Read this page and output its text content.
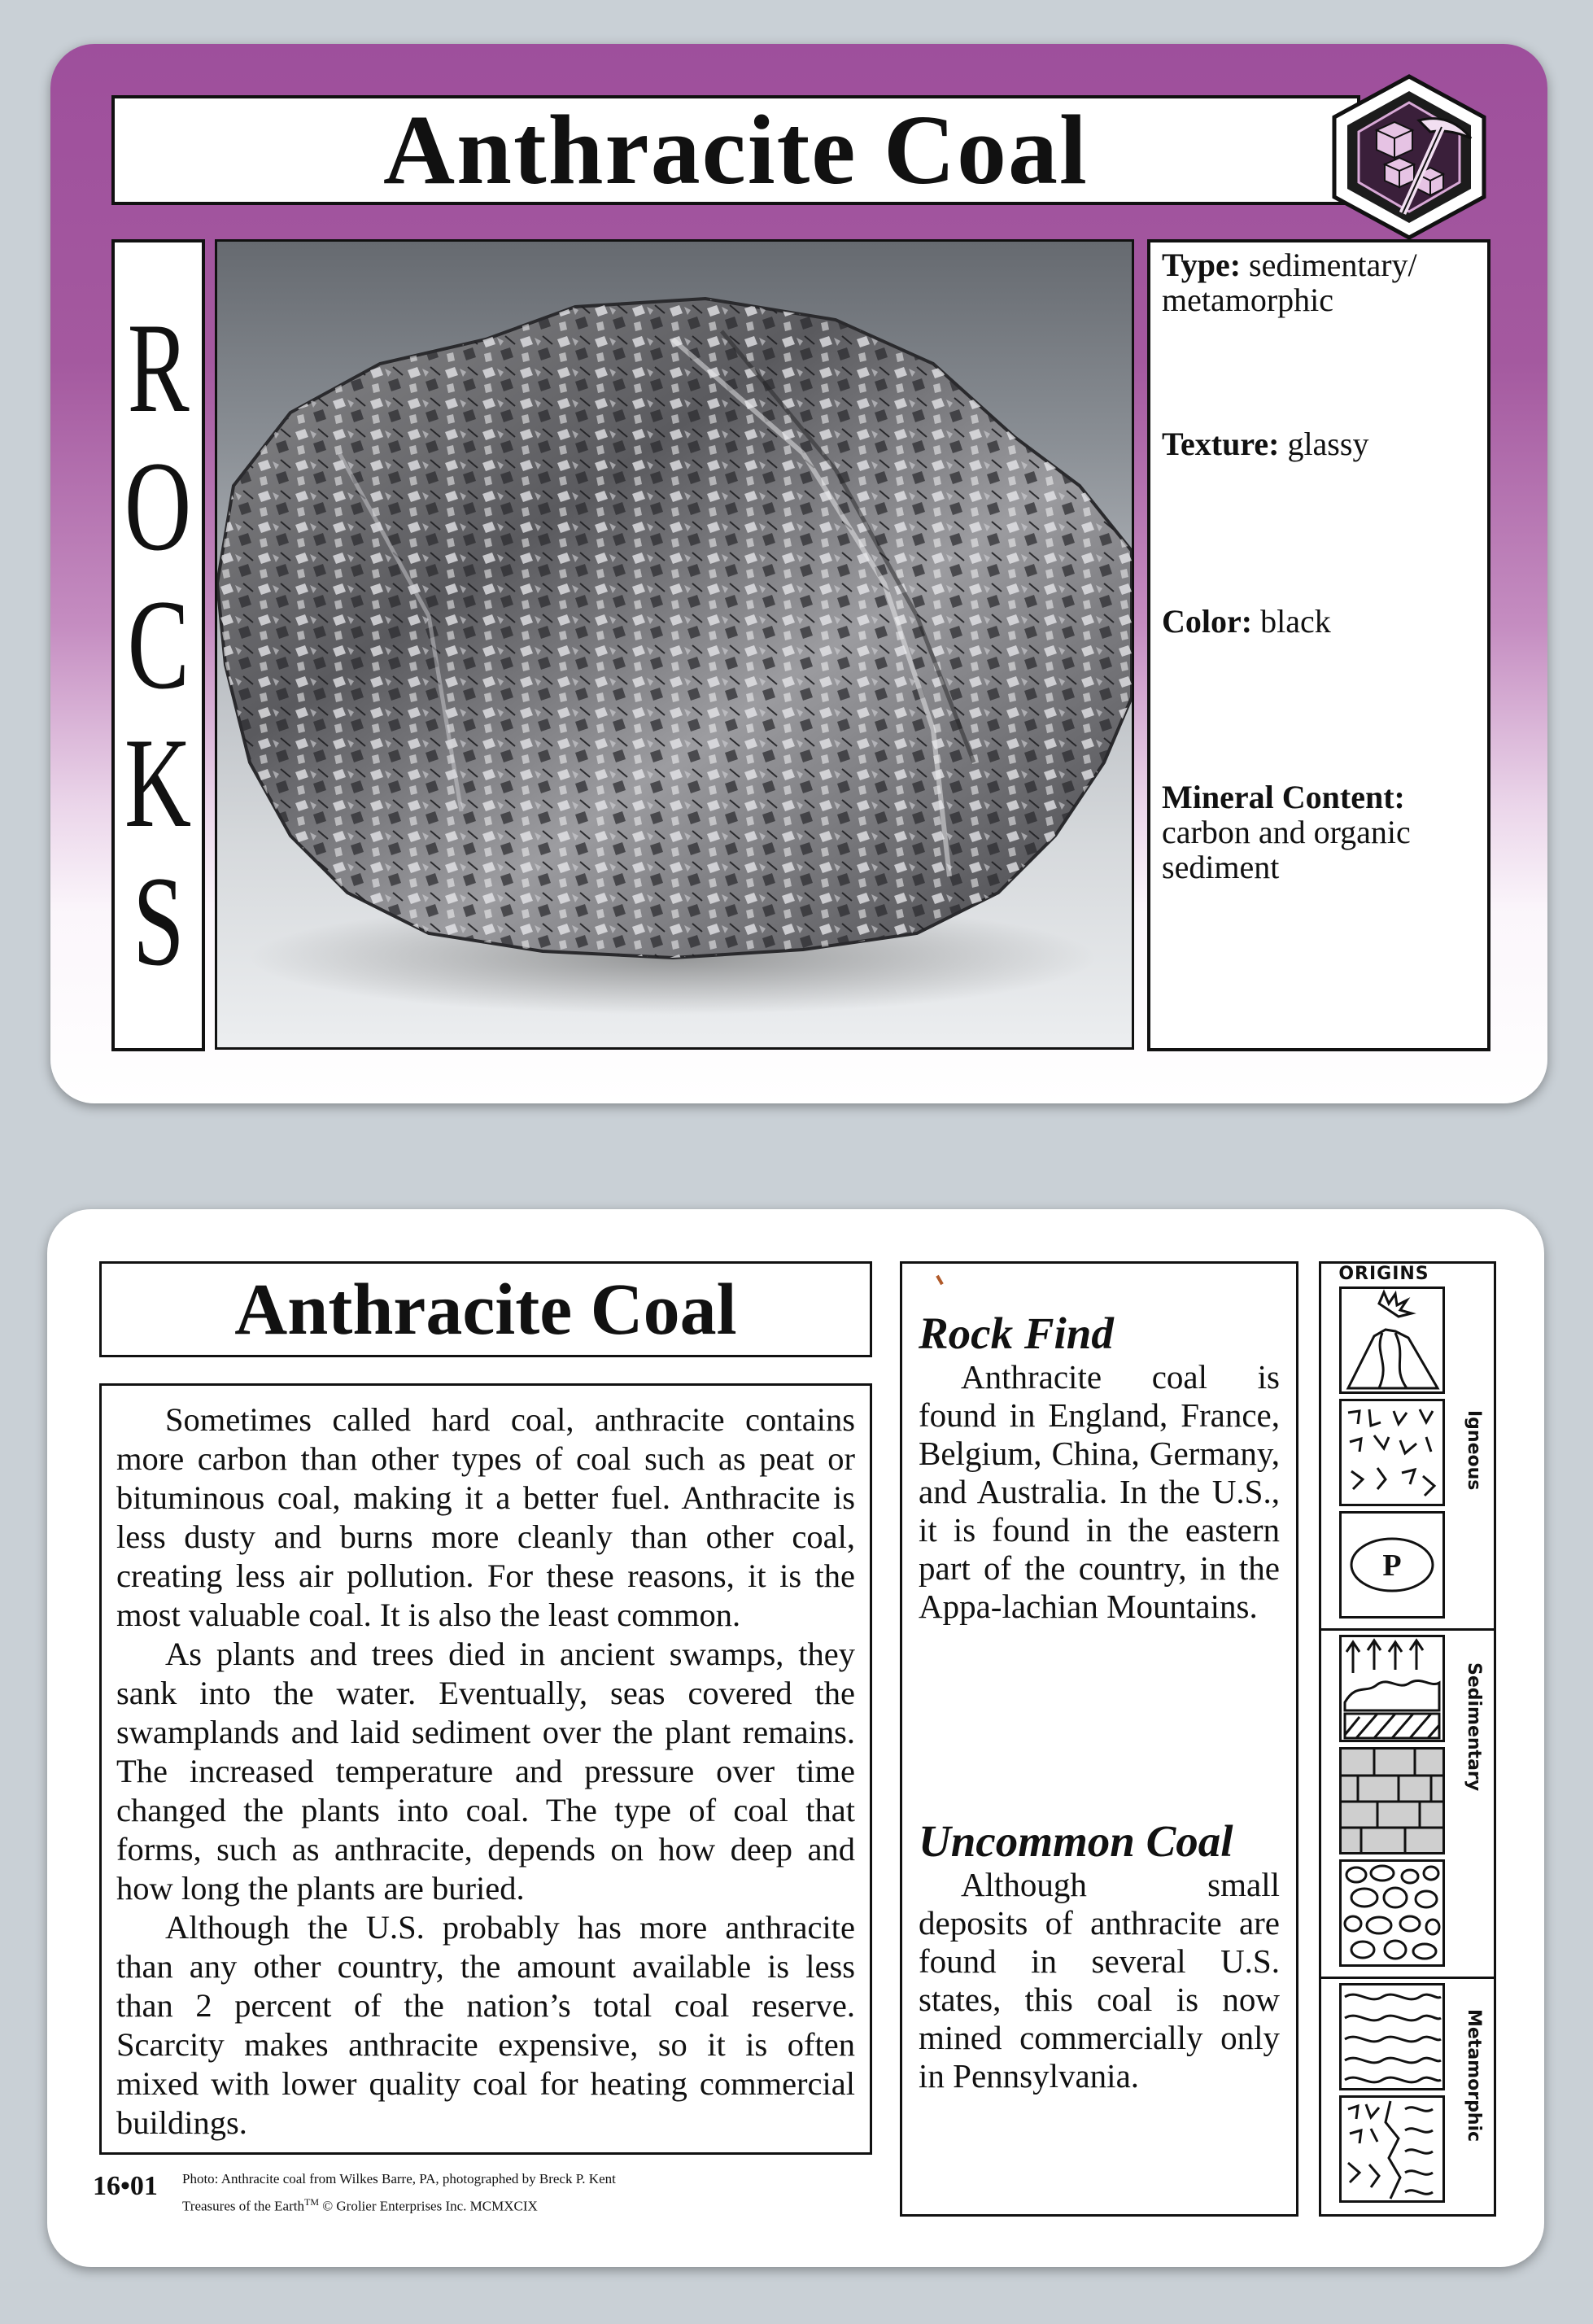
Anthracite Coal
R
O
C
K
S
Type: sedimentary/
metamorphic
Texture: glassy
Color: black
Mineral Content:
carbon and organic
sediment
Anthracite Coal

Sometimes called hard coal, anthracite contains more carbon than other types of coal such as peat or bituminous coal, making it a better fuel. Anthracite is less dusty and burns more cleanly than other coal, creating less air pollution. For these reasons, it is the most valuable coal. It is also the least common.

As plants and trees died in ancient swamps, they sank into the water. Eventually, seas covered the swamplands and laid sediment over the plant remains. The increased temperature and pressure over time changed the plants into coal. The type of coal that forms, such as anthracite, depends on how deep and how long the plants are buried.

Although the U.S. probably has more anthracite than any other country, the amount available is less than 2 percent of the nation’s total coal reserve. Scarcity makes anthracite expensive, so it is often mixed with lower quality coal for heating commercial buildings.

16•01 Photo: Anthracite coal from Wilkes Barre, PA, photographed by Breck P. Kent
Treasures of the Earth™ © Grolier Enterprises Inc. MCMXCIX

Rock Find

Anthracite coal is found in England, France, Belgium, China, Germany, and Australia. In the U.S., it is found in the eastern part of the country, in the Appa-lachian Mountains.

Uncommon Coal

Although small deposits of anthracite are found in several U.S. states, this coal is now mined commercially only in Pennsylvania.

ORIGINS
P
Igneous
Sedimentary
Metamorphic
